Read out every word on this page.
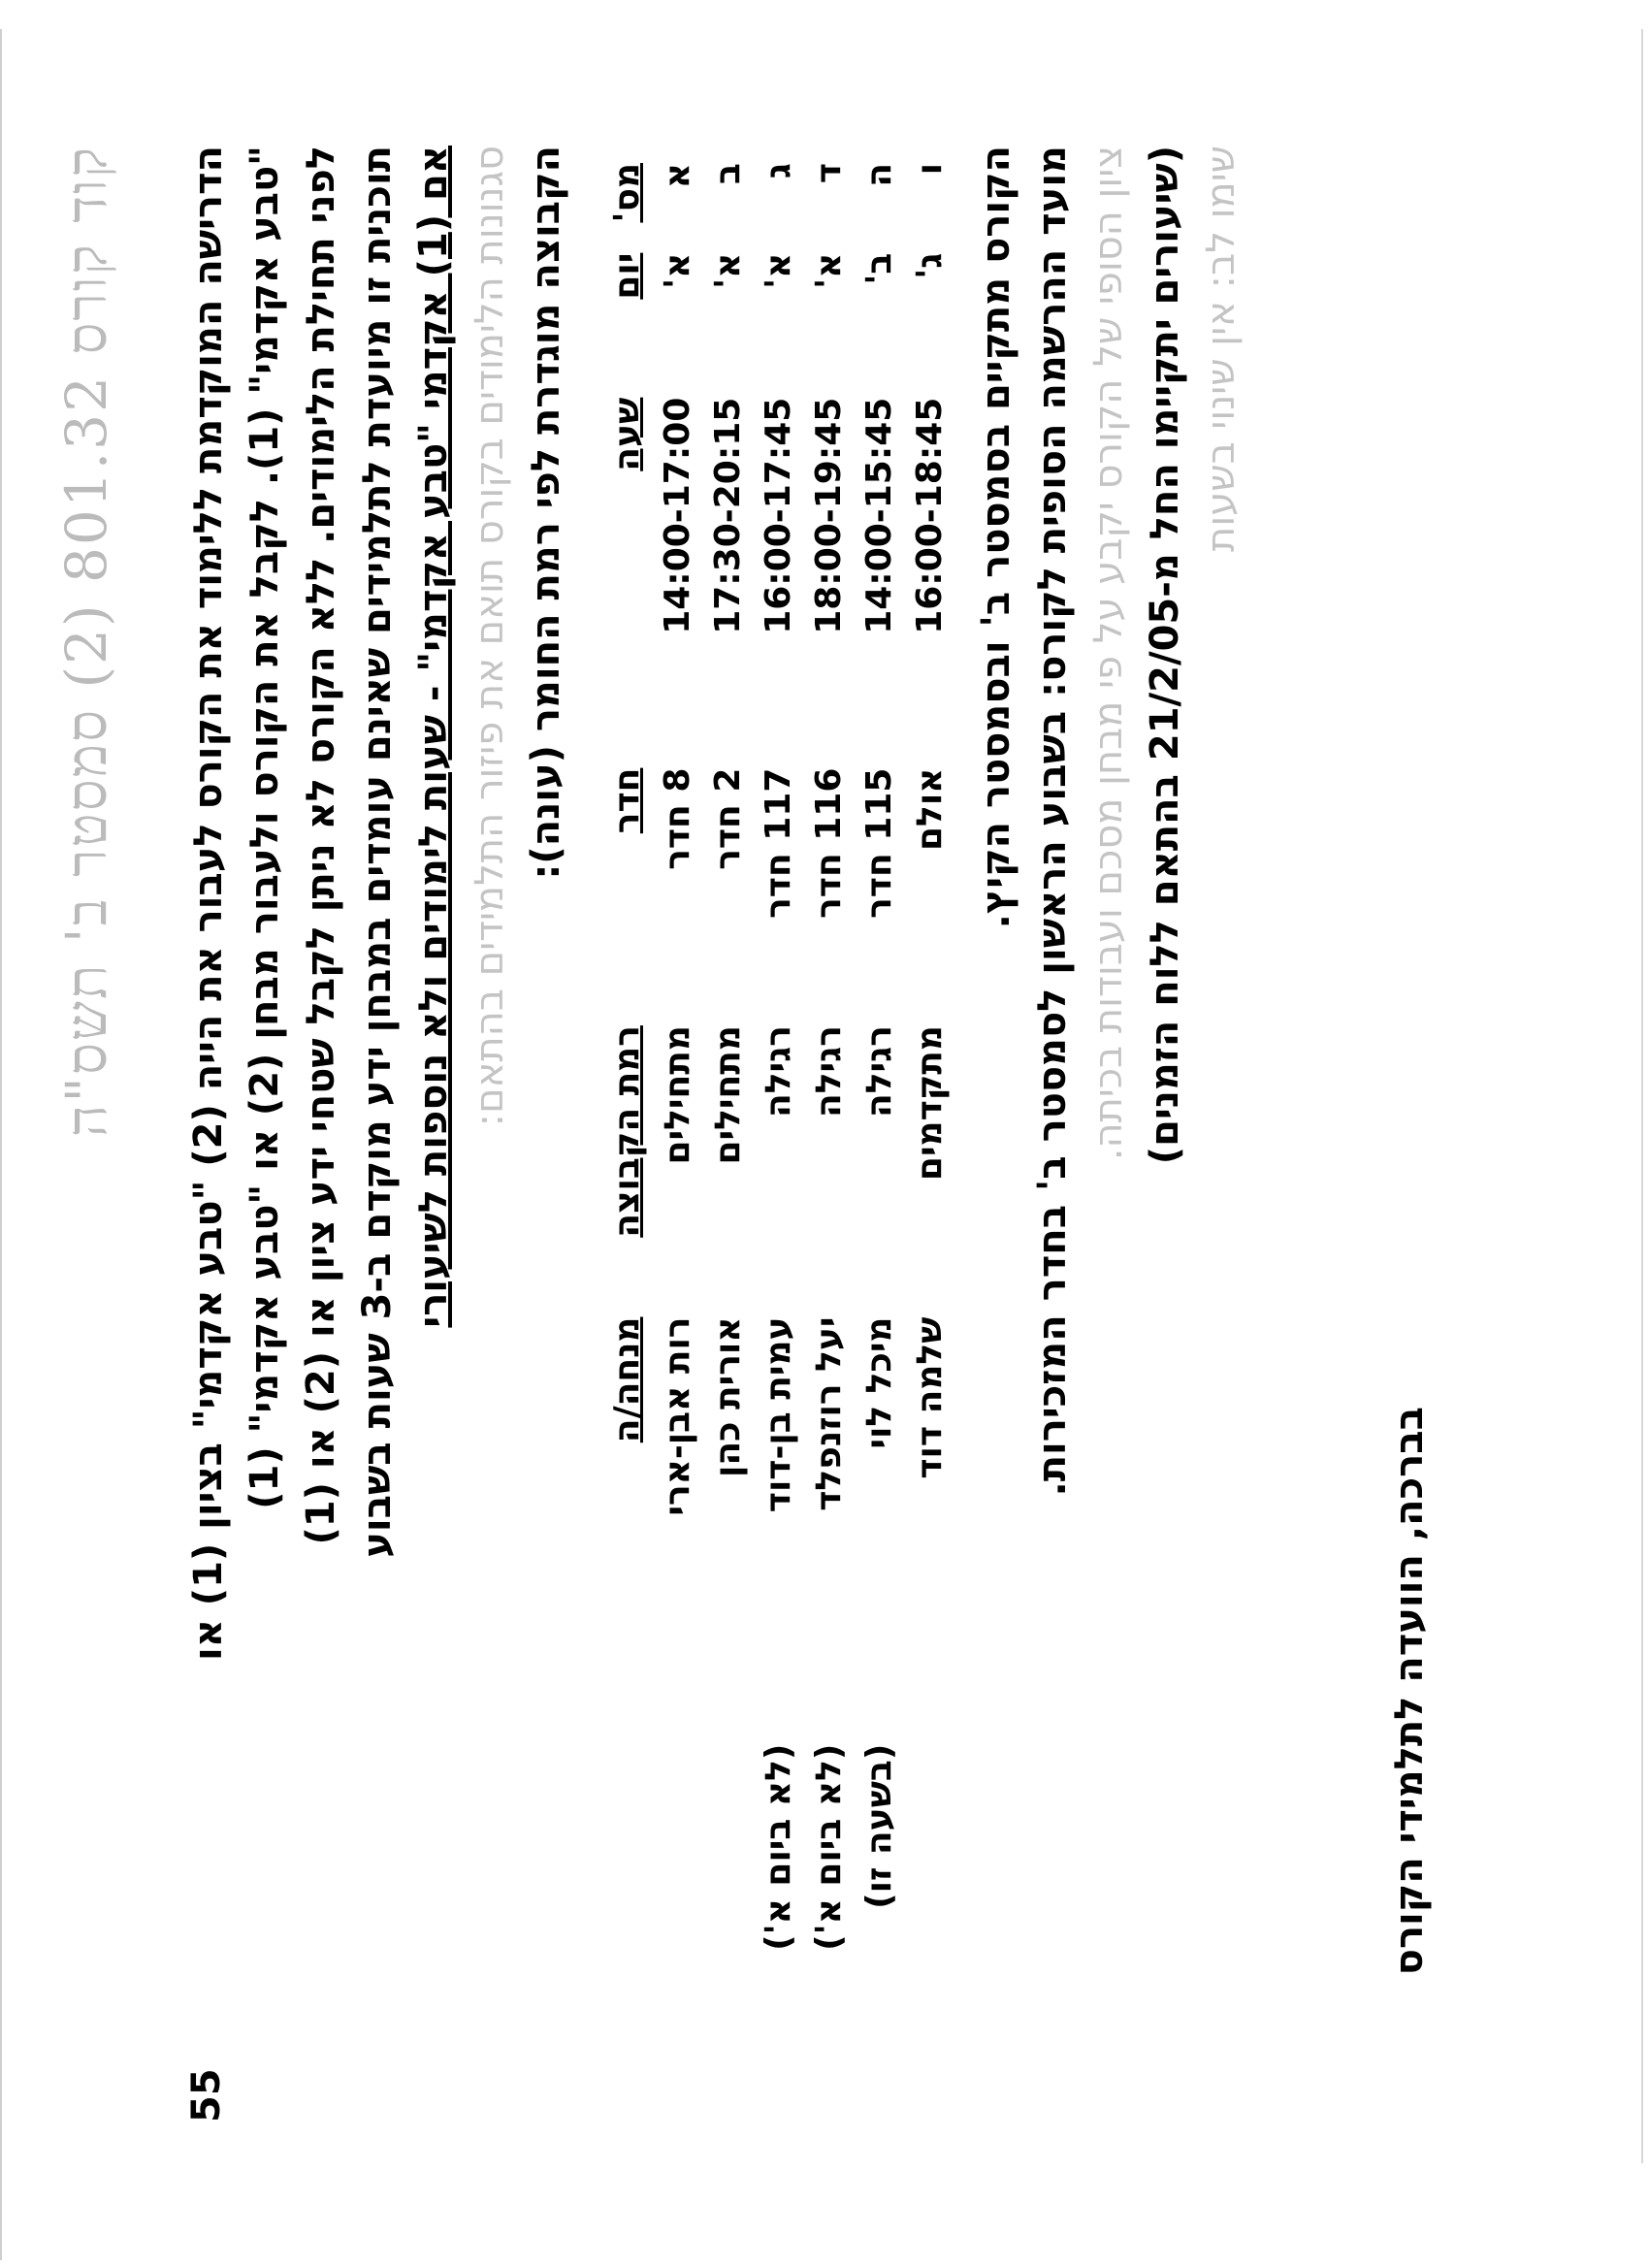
קוד קורס 801.32 (2) סמסטר ב' תשס"ה
55
הדרישה המוקדמת ללימוד את הקורס לעבור את הייה (2) "טבע אקדמי" בציון (1) או
"טבע אקדמי" (1). לקבל את הקורס ולעבור מבחן (2) או "טבע אקדמי" (1)
לפני תחילת הלימודים. ללא הקורס לא ניתן לקבל שטחי ידע ציון או (2) או (1)
תוכנית זו מיועדת לתלמידים שאינם עומדים במבחן ידע מוקדם ב-3 שעות בשבוע אם (1) אקדמי "טבע אקדמי" - שעות לימודים ולא נוספות לשיעורי סגנונות הלימודים בקורס תואם את פיזור התלמידים בהתאם: הקבוצה מוגדרת לפי רמת החומר (עונה): מס'	יום	שעה	חדר	רמת הקבוצה	מנחה/ה	
א	א'	14:00-17:00	8 חדר	מתחילים	רות אבן-ארי	
ב	א'	17:30-20:15	2 חדר	מתחילים	אורית כהן	
ג	א'	16:00-17:45	117 חדר	רגילה	עמית בן-דוד	(לא ביום א')
ד	א'	18:00-19:45	116 חדר	רגילה	יעל רוזנפלד	(לא ביום א')
ה	ב'	14:00-15:45	115 חדר	רגילה	מיכל לוי	(בשעה זו)
ו	ג'	16:00-18:45	אולם	מתקדמים	שלמה דוד	
הקורס מתקיים בסמסטר ב' ובסמסטר הקיץ. מועד ההרשמה הסופית לקורס: בשבוע הראשון לסמסטר ב' בחדר המזכירות. ציון הסופי של הקורס יקבע על פי מבחן מסכם ועבודות בכיתה. (שיעורים יתקיימו החל מ-21/2/05 בהתאם ללוח הזמנים) שימו לב: אין שינוי בשעות
בברכה, הוועדה לתלמידי הקורס
